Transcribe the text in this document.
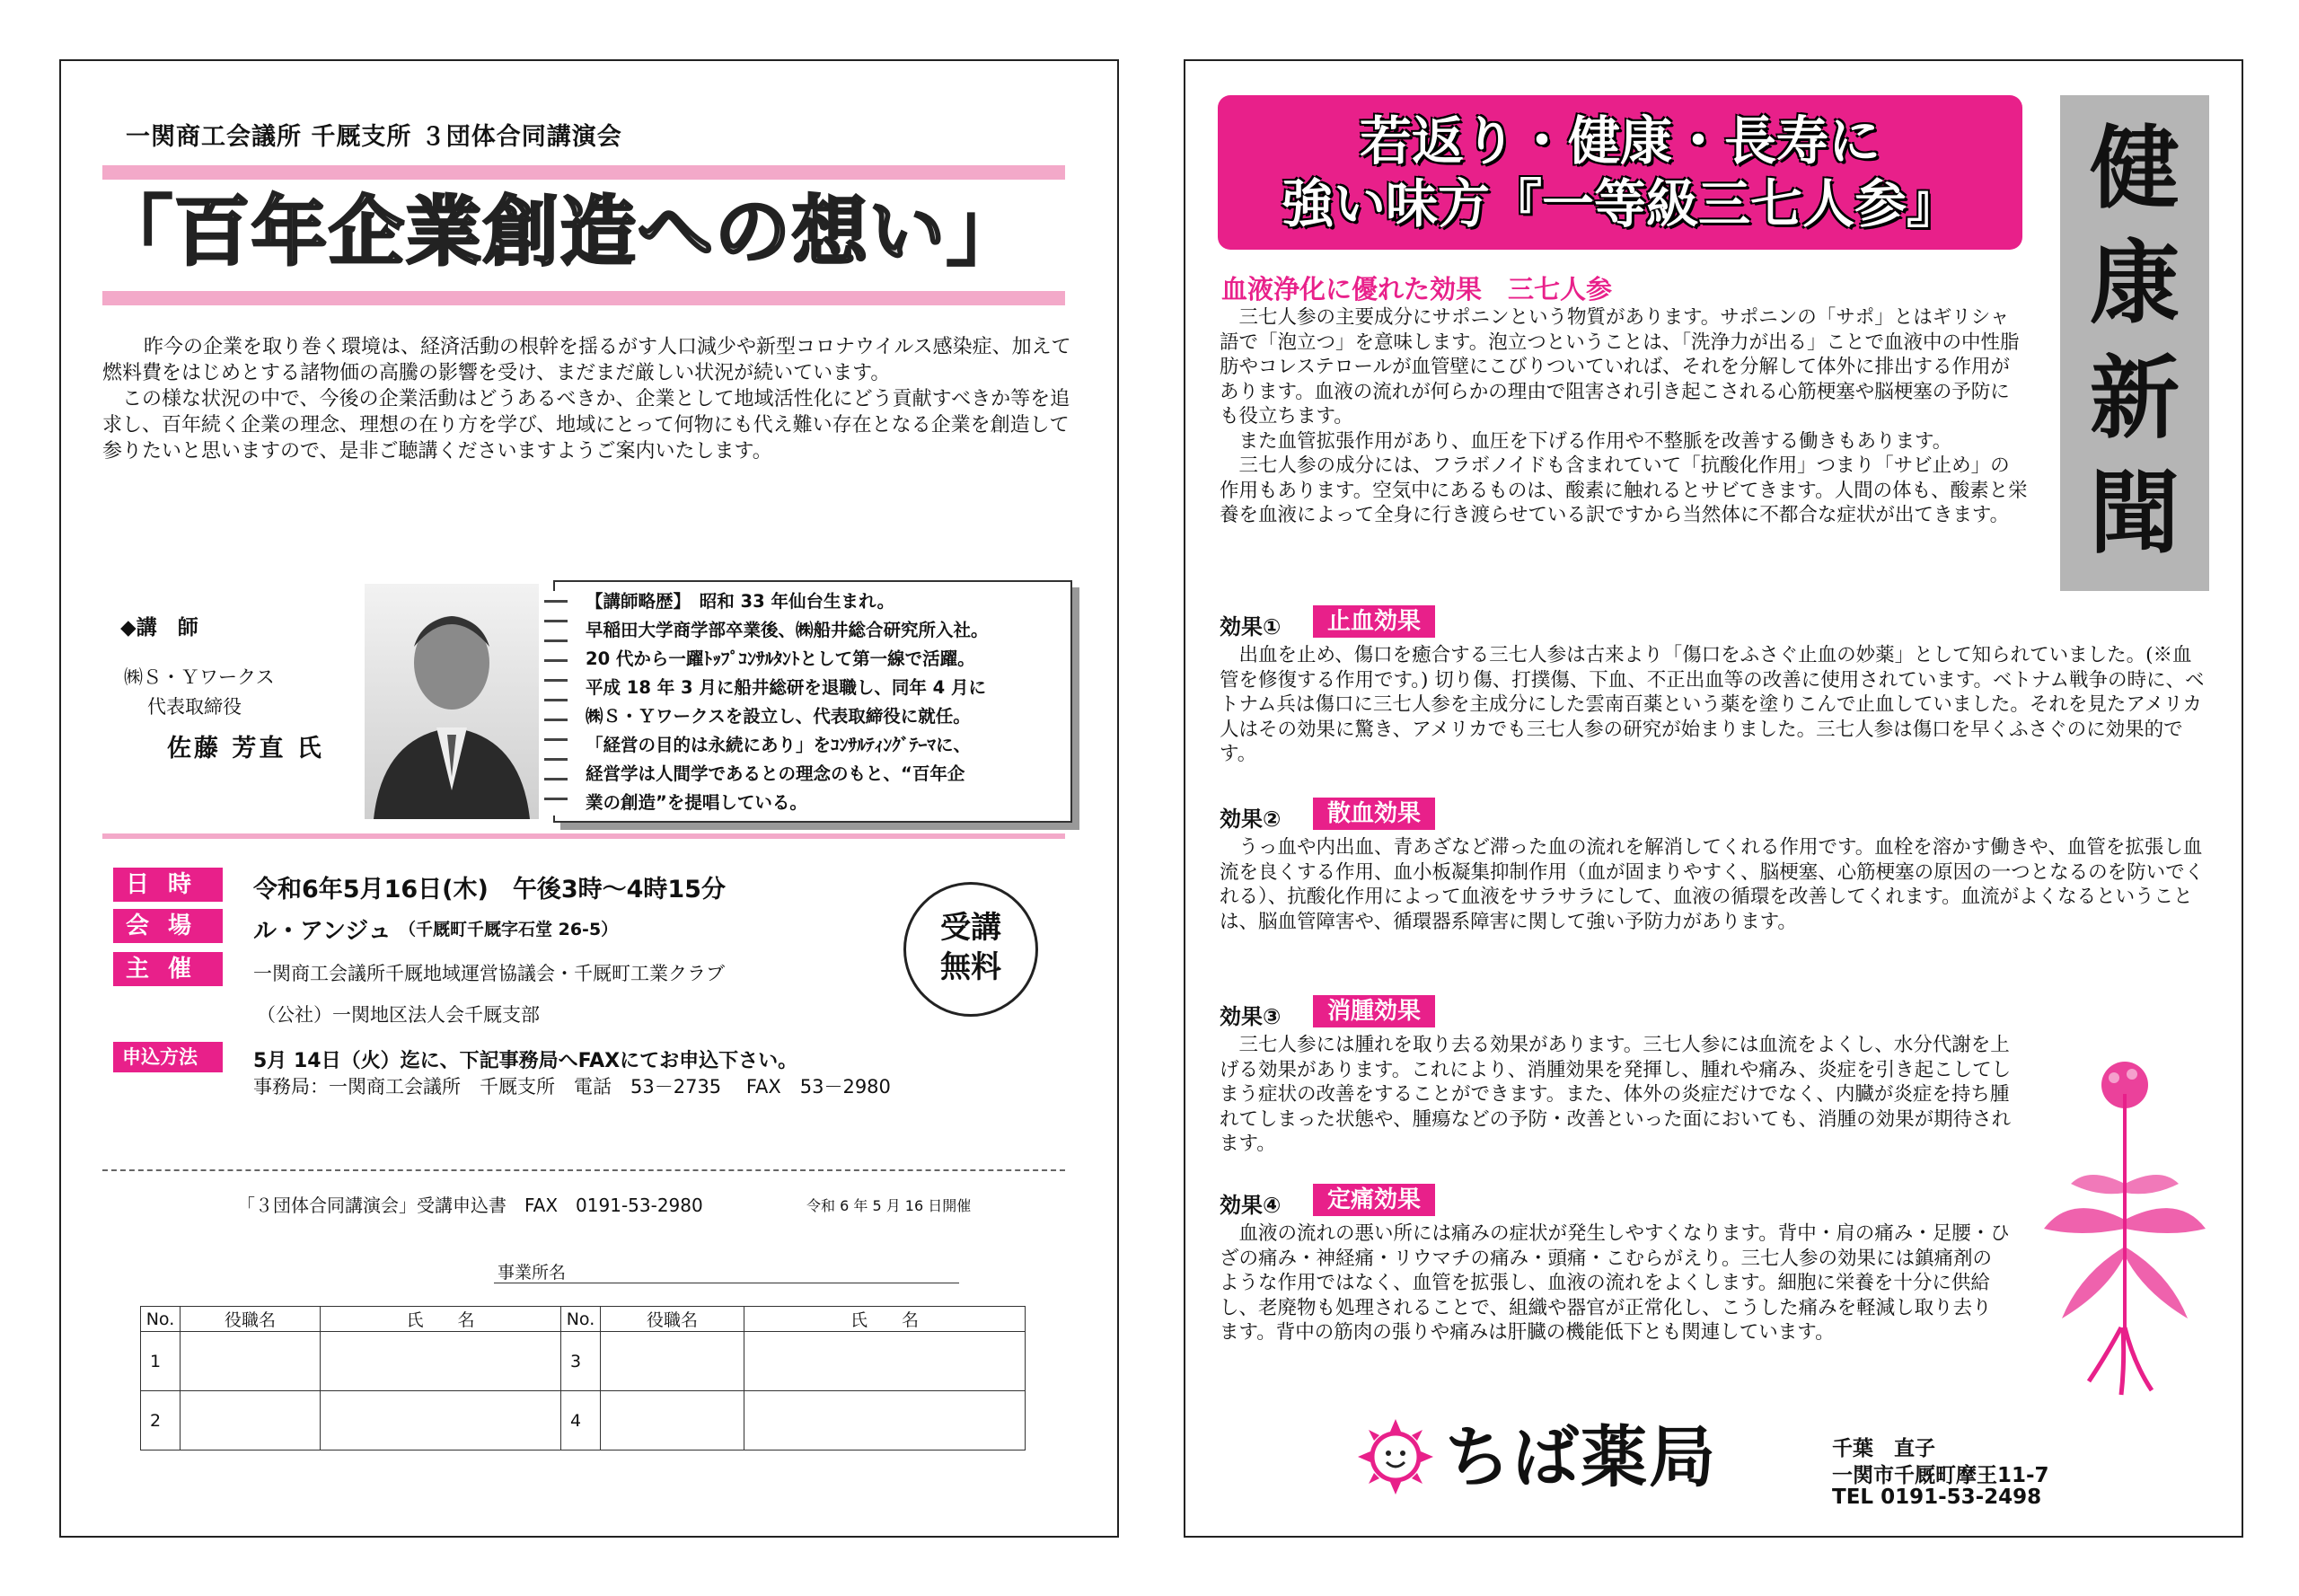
一関商工会議所 千厩支所 ３団体合同講演会
「百年企業創造への想い」
昨今の企業を取り巻く環境は、経済活動の根幹を揺るがす人口減少や新型コロナウイルス感染症、加えて燃料費をはじめとする諸物価の高騰の影響を受け、まだまだ厳しい状況が続いています。
　この様な状況の中で、今後の企業活動はどうあるべきか、企業として地域活性化にどう貢献すべきか等を追求し、百年続く企業の理念、理想の在り方を学び、地域にとって何物にも代え難い存在となる企業を創造して参りたいと思いますので、是非ご聴講くださいますようご案内いたします。
◆講　師
㈱Ｓ・Ｙワークス
代表取締役
佐藤 芳直 氏
【講師略歴】　昭和 33 年仙台生まれ。
早稲田大学商学部卒業後、㈱船井総合研究所入社。
20 代から一躍ﾄｯﾌﾟｺﾝｻﾙﾀﾝﾄとして第一線で活躍。
平成 18 年 3 月に船井総研を退職し、同年 4 月に
㈱Ｓ・Ｙワークスを設立し、代表取締役に就任。
「経営の目的は永続にあり」をｺﾝｻﾙﾃｨﾝｸﾞﾃｰﾏに、
経営学は人間学であるとの理念のもと、“百年企
業の創造”を提唱している。
日 時	令和6年5月16日(木)　午後3時～4時15分
会 場	ル・アンジュ （千厩町千厩字石堂 26-5）
主 催	一関商工会議所千厩地域運営協議会・千厩町工業クラブ
（公社）一関地区法人会千厩支部
申込方法	5月 14日（火）迄に、下記事務局へFAXにてお申込下さい。
事務局：一関商工会議所　千厩支所　電話　53－2735　 FAX　53－2980
受講
無料
「３団体合同講演会」受講申込書　FAX　0191-53-2980	令和 6 年 5 月 16 日開催
事業所名
No.	役職名	氏　　名	No.	役職名	氏　　名
1			3		
2			4		
若返り・健康・長寿に
強い味方『一等級三七人参』	健
康
新
聞
血液浄化に優れた効果　三七人参
　三七人参の主要成分にサポニンという物質があります。サポニンの「サポ」とはギリシャ語で「泡立つ」を意味します。泡立つということは、「洗浄力が出る」ことで血液中の中性脂肪やコレステロールが血管壁にこびりついていれば、それを分解して体外に排出する作用があります。血液の流れが何らかの理由で阻害され引き起こされる心筋梗塞や脳梗塞の予防にも役立ちます。
　また血管拡張作用があり、血圧を下げる作用や不整脈を改善する働きもあります。
　三七人参の成分には、フラボノイドも含まれていて「抗酸化作用」つまり「サビ止め」の作用もあります。空気中にあるものは、酸素に触れるとサビてきます。人間の体も、酸素と栄養を血液によって全身に行き渡らせている訳ですから当然体に不都合な症状が出てきます。
効果①	止血効果
　出血を止め、傷口を癒合する三七人参は古来より「傷口をふさぐ止血の妙薬」として知られていました。(※血管を修復する作用です。) 切り傷、打撲傷、下血、不正出血等の改善に使用されています。ベトナム戦争の時に、ベトナム兵は傷口に三七人参を主成分にした雲南百薬という薬を塗りこんで止血していました。それを見たアメリカ人はその効果に驚き、アメリカでも三七人参の研究が始まりました。三七人参は傷口を早くふさぐのに効果的です。
効果②	散血効果
　うっ血や内出血、青あざなど滞った血の流れを解消してくれる作用です。血栓を溶かす働きや、血管を拡張し血流を良くする作用、血小板凝集抑制作用（血が固まりやすく、脳梗塞、心筋梗塞の原因の一つとなるのを防いでくれる）、抗酸化作用によって血液をサラサラにして、血液の循環を改善してくれます。血流がよくなるということは、脳血管障害や、循環器系障害に関して強い予防力があります。
効果③	消腫効果
　三七人参には腫れを取り去る効果があります。三七人参には血流をよくし、水分代謝を上げる効果があります。これにより、消腫効果を発揮し、腫れや痛み、炎症を引き起こしてしまう症状の改善をすることができます。また、体外の炎症だけでなく、内臓が炎症を持ち腫れてしまった状態や、腫瘍などの予防・改善といった面においても、消腫の効果が期待されます。
効果④	定痛効果
　血液の流れの悪い所には痛みの症状が発生しやすくなります。背中・肩の痛み・足腰・ひざの痛み・神経痛・リウマチの痛み・頭痛・こむらがえり。三七人参の効果には鎮痛剤のような作用ではなく、血管を拡張し、血液の流れをよくします。細胞に栄養を十分に供給し、老廃物も処理されることで、組織や器官が正常化し、こうした痛みを軽減し取り去ります。背中の筋肉の張りや痛みは肝臓の機能低下とも関連しています。
ちば薬局	千葉　直子
一関市千厩町摩王11-7
TEL 0191-53-2498
